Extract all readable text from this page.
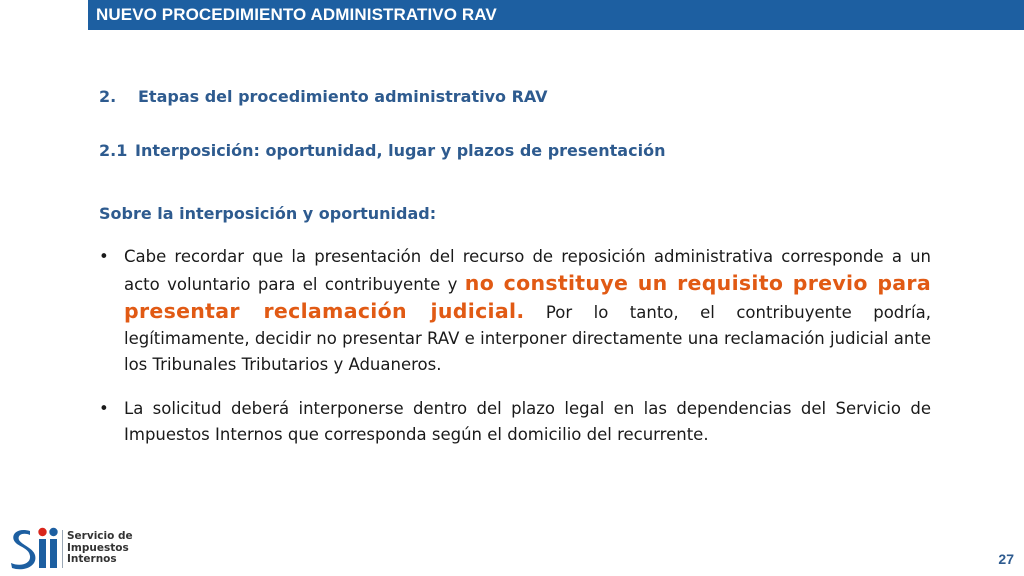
NUEVO PROCEDIMIENTO ADMINISTRATIVO RAV
2. Etapas del procedimiento administrativo RAV
2.1 Interposición: oportunidad, lugar y plazos de presentación
Sobre la interposición y oportunidad:
• Cabe recordar que la presentación del recurso de reposición administrativa corresponde a un acto voluntario para el contribuyente y no constituye un requisito previo para presentar reclamación judicial. Por lo tanto, el contribuyente podría, legítimamente, decidir no presentar RAV e interponer directamente una reclamación judicial ante los Tribunales Tributarios y Aduaneros.
• La solicitud deberá interponerse dentro del plazo legal en las dependencias del Servicio de Impuestos Internos que corresponda según el domicilio del recurrente.
Servicio de
Impuestos
Internos	27
